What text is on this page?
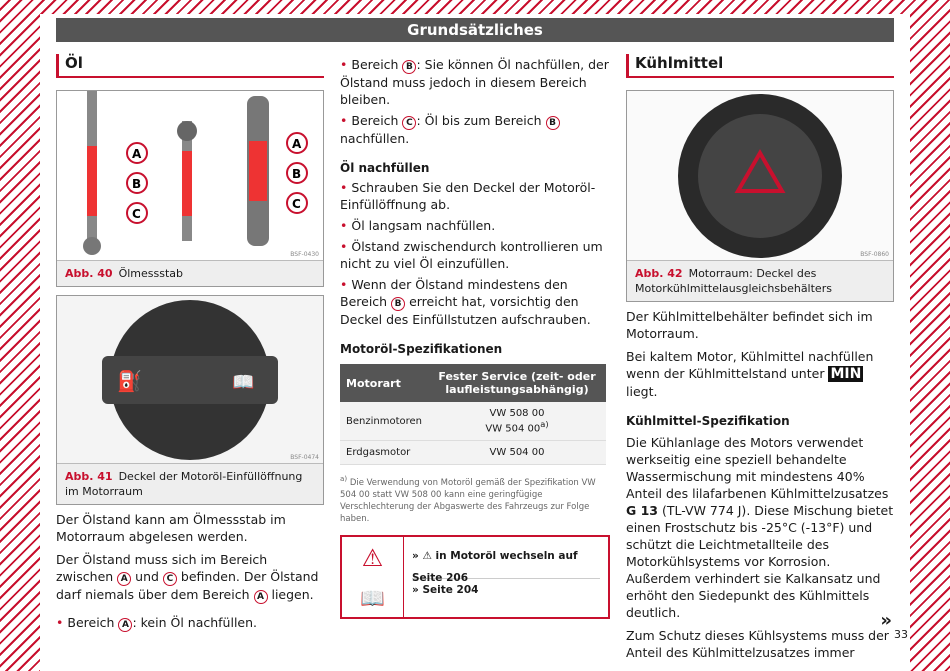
Grundsätzliches
Öl
A
B
C
A
B
C
BSF-0430
Abb. 40 Ölmessstab
⛽	📖
BSF-0474
Abb. 41 Deckel der Motoröl-Einfüllöffnung im Motorraum

Der Ölstand kann am Ölmessstab im Motorraum abgelesen werden.

Der Ölstand muss sich im Bereich zwischen A und C befinden. Der Ölstand darf niemals über dem Bereich A liegen.

• Bereich A : kein Öl nachfüllen.
• Bereich B : Sie können Öl nachfüllen, der Ölstand muss jedoch in diesem Bereich bleiben.
• Bereich C : Öl bis zum Bereich B nachfüllen.
Öl nachfüllen
• Schrauben Sie den Deckel der Motoröl-Einfüllöffnung ab.
• Öl langsam nachfüllen.
• Ölstand zwischendurch kontrollieren um nicht zu viel Öl einzufüllen.
• Wenn der Ölstand mindestens den Bereich B erreicht hat, vorsichtig den Deckel des Einfüllstutzen aufschrauben.
Motoröl-Spezifikationen
Motorart	Fester Service (zeit- oder laufleistungsabhängig)
Benzinmotoren	VW 508 00
VW 504 00$^{a)}$

Erdgasmotor	VW 504 00
$^{a)}$ Die Verwendung von Motoröl gemäß der Spezifikation VW 504 00 statt VW 508 00 kann eine geringfügige Verschlechterung der Abgaswerte des Fahrzeugs zur Folge haben.
⚠
📖
» ⚠ in Motoröl wechseln auf Seite 206
» Seite 204
Kühlmittel
BSF-0860
Abb. 42 Motorraum: Deckel des Motorkühlmittelausgleichsbehälters

Der Kühlmittelbehälter befindet sich im Motorraum.

Bei kaltem Motor, Kühlmittel nachfüllen wenn der Kühlmittelstand unter MIN liegt.

Kühlmittel-Spezifikation

Die Kühlanlage des Motors verwendet werkseitig eine speziell behandelte Wassermischung mit mindestens 40% Anteil des lilafarbenen Kühlmittelzusatzes G 13 (TL-VW 774 J). Diese Mischung bietet einen Frostschutz bis -25°C (-13°F) und schützt die Leichtmetallteile des Motorkühlsystems vor Korrosion. Außerdem verhindert sie Kalkansatz und erhöht den Siedepunkt des Kühlmittels deutlich.

Zum Schutz dieses Kühlsystems muss der Anteil des Kühlmittelzusatzes immer

»
33
